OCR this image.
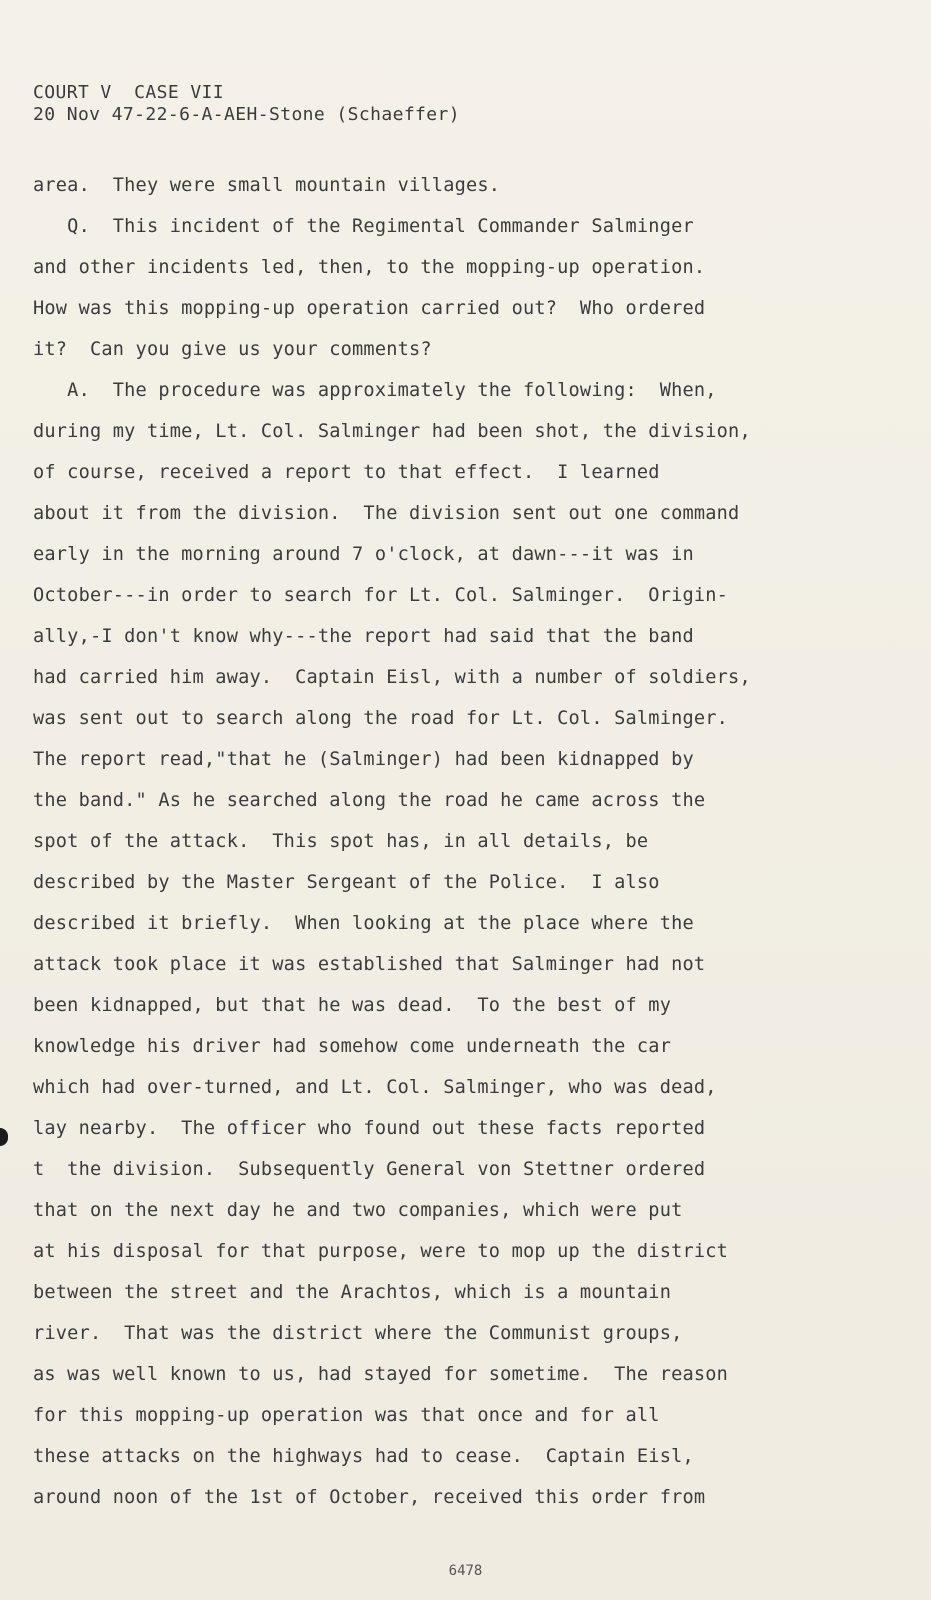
COURT V  CASE VII
20 Nov 47-22-6-A-AEH-Stone (Schaeffer)
area.  They were small mountain villages.
Q.  This incident of the Regimental Commander Salminger
and other incidents led, then, to the mopping-up operation.
How was this mopping-up operation carried out?  Who ordered
it?  Can you give us your comments?
A.  The procedure was approximately the following:  When,
during my time, Lt. Col. Salminger had been shot, the division,
of course, received a report to that effect.  I learned
about it from the division.  The division sent out one command
early in the morning around 7 o'clock, at dawn---it was in
October---in order to search for Lt. Col. Salminger.  Origin-
ally,-I don't know why---the report had said that the band
had carried him away.  Captain Eisl, with a number of soldiers,
was sent out to search along the road for Lt. Col. Salminger.
The report read,"that he (Salminger) had been kidnapped by
the band." As he searched along the road he came across the
spot of the attack.  This spot has, in all details, be
described by the Master Sergeant of the Police.  I also
described it briefly.  When looking at the place where the
attack took place it was established that Salminger had not
been kidnapped, but that he was dead.  To the best of my
knowledge his driver had somehow come underneath the car
which had over-turned, and Lt. Col. Salminger, who was dead,
lay nearby.  The officer who found out these facts reported
t  the division.  Subsequently General von Stettner ordered
that on the next day he and two companies, which were put
at his disposal for that purpose, were to mop up the district
between the street and the Arachtos, which is a mountain
river.  That was the district where the Communist groups,
as was well known to us, had stayed for sometime.  The reason
for this mopping-up operation was that once and for all
these attacks on the highways had to cease.  Captain Eisl,
around noon of the 1st of October, received this order from
6478
